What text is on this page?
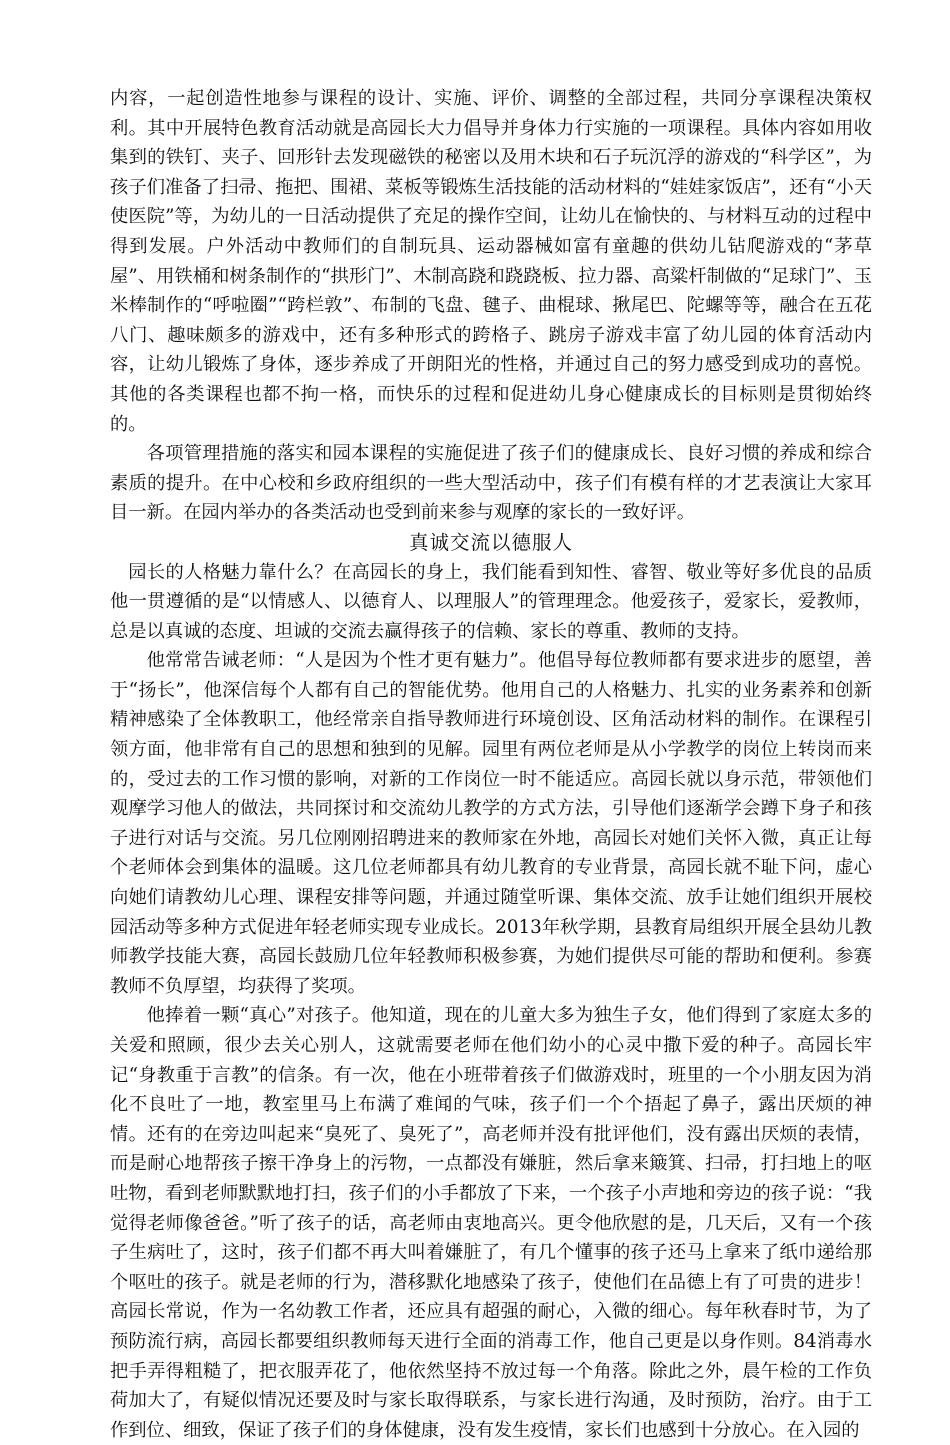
内容，一起创造性地参与课程的设计、实施、评价、调整的全部过程，共同分享课程决策权利。其中开展特色教育活动就是高园长大力倡导并身体力行实施的一项课程。具体内容如用收集到的铁钉、夹子、回形针去发现磁铁的秘密以及用木块和石子玩沉浮的游戏的“科学区”，为孩子们准备了扫帚、拖把、围裙、菜板等锻炼生活技能的活动材料的“娃娃家饭店”，还有“小天使医院”等，为幼儿的一日活动提供了充足的操作空间，让幼儿在愉快的、与材料互动的过程中得到发展。户外活动中教师们的自制玩具、运动器械如富有童趣的供幼儿钻爬游戏的“茅草屋”、用铁桶和树条制作的“拱形门”、木制高跷和跷跷板、拉力器、高粱杆制做的“足球门”、玉米棒制作的“呼啦圈”“跨栏敦”、布制的飞盘、毽子、曲棍球、揪尾巴、陀螺等等，融合在五花八门、趣味颇多的游戏中，还有多种形式的跨格子、跳房子游戏丰富了幼儿园的体育活动内容，让幼儿锻炼了身体，逐步养成了开朗阳光的性格，并通过自己的努力感受到成功的喜悦。其他的各类课程也都不拘一格，而快乐的过程和促进幼儿身心健康成长的目标则是贯彻始终的。

各项管理措施的落实和园本课程的实施促进了孩子们的健康成长、良好习惯的养成和综合素质的提升。在中心校和乡政府组织的一些大型活动中，孩子们有模有样的才艺表演让大家耳目一新。在园内举办的各类活动也受到前来参与观摩的家长的一致好评。

真诚交流以德服人

园长的人格魅力靠什么？在高园长的身上，我们能看到知性、睿智、敬业等好多优良的品质他一贯遵循的是“以情感人、以德育人、以理服人”的管理理念。他爱孩子，爱家长，爱教师，总是以真诚的态度、坦诚的交流去赢得孩子的信赖、家长的尊重、教师的支持。

他常常告诫老师：“人是因为个性才更有魅力”。他倡导每位教师都有要求进步的愿望，善于“扬长”，他深信每个人都有自己的智能优势。他用自己的人格魅力、扎实的业务素养和创新精神感染了全体教职工，他经常亲自指导教师进行环境创设、区角活动材料的制作。在课程引领方面，他非常有自己的思想和独到的见解。园里有两位老师是从小学教学的岗位上转岗而来的，受过去的工作习惯的影响，对新的工作岗位一时不能适应。高园长就以身示范，带领他们观摩学习他人的做法，共同探讨和交流幼儿教学的方式方法，引导他们逐渐学会蹲下身子和孩子进行对话与交流。另几位刚刚招聘进来的教师家在外地，高园长对她们关怀入微，真正让每个老师体会到集体的温暖。这几位老师都具有幼儿教育的专业背景，高园长就不耻下问，虚心向她们请教幼儿心理、课程安排等问题，并通过随堂听课、集体交流、放手让她们组织开展校园活动等多种方式促进年轻老师实现专业成长。2013年秋学期，县教育局组织开展全县幼儿教师教学技能大赛，高园长鼓励几位年轻教师积极参赛，为她们提供尽可能的帮助和便利。参赛教师不负厚望，均获得了奖项。

他捧着一颗“真心”对孩子。他知道，现在的儿童大多为独生子女，他们得到了家庭太多的关爱和照顾，很少去关心别人，这就需要老师在他们幼小的心灵中撒下爱的种子。高园长牢记“身教重于言教”的信条。有一次，他在小班带着孩子们做游戏时，班里的一个小朋友因为消化不良吐了一地，教室里马上布满了难闻的气味，孩子们一个个捂起了鼻子，露出厌烦的神情。还有的在旁边叫起来“臭死了、臭死了”，高老师并没有批评他们，没有露出厌烦的表情，而是耐心地帮孩子擦干净身上的污物，一点都没有嫌脏，然后拿来簸箕、扫帚，打扫地上的呕吐物，看到老师默默地打扫，孩子们的小手都放了下来，一个孩子小声地和旁边的孩子说：“我觉得老师像爸爸。”听了孩子的话，高老师由衷地高兴。更令他欣慰的是，几天后，又有一个孩子生病吐了，这时，孩子们都不再大叫着嫌脏了，有几个懂事的孩子还马上拿来了纸巾递给那个呕吐的孩子。就是老师的行为，潜移默化地感染了孩子，使他们在品德上有了可贵的进步！高园长常说，作为一名幼教工作者，还应具有超强的耐心，入微的细心。每年秋春时节，为了预防流行病，高园长都要组织教师每天进行全面的消毒工作，他自己更是以身作则。84消毒水把手弄得粗糙了，把衣服弄花了，他依然坚持不放过每一个角落。除此之外，晨午检的工作负荷加大了，有疑似情况还要及时与家长取得联系，与家长进行沟通，及时预防，治疗。由于工作到位、细致，保证了孩子们的身体健康，没有发生疫情，家长们也感到十分放心。在入园的
